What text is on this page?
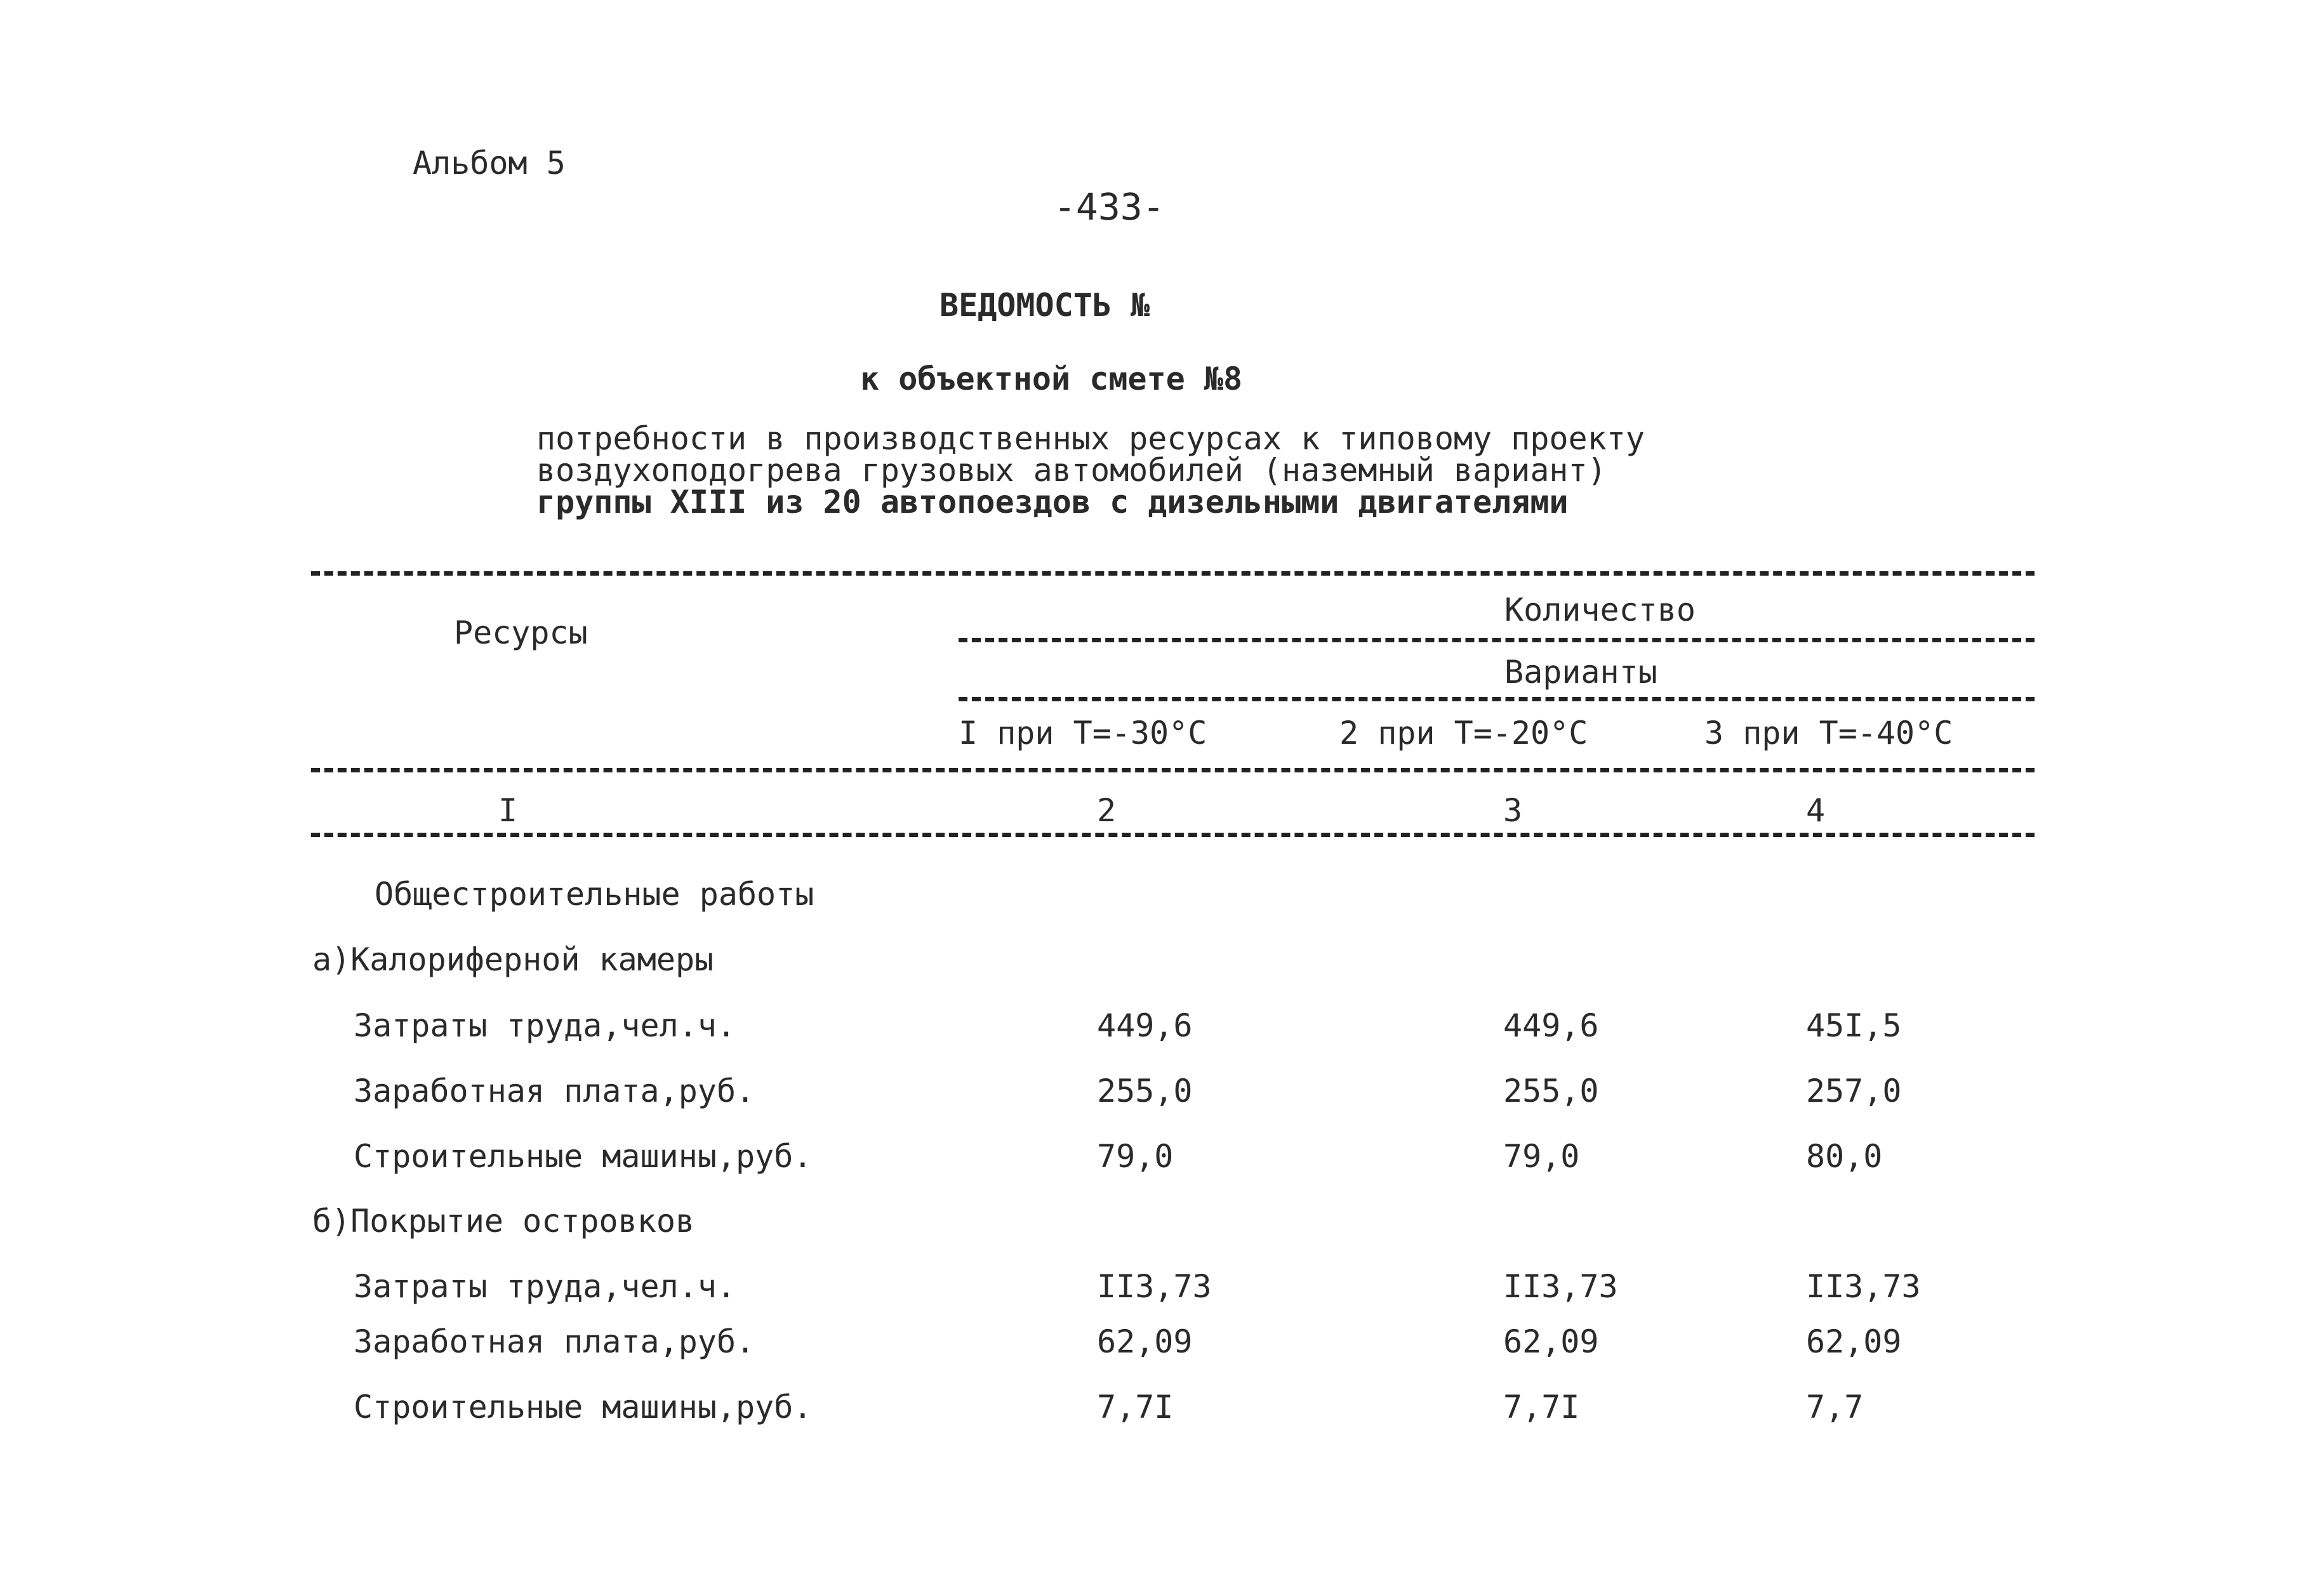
Альбом 5
-433-
ВЕДОМОСТЬ №
к объектной смете №8
потребности в производственных ресурсах к типовому проекту
воздухоподогрева грузовых автомобилей (наземный вариант)
группы XIII из 20 автопоездов с дизельными двигателями
Ресурсы
Количество
Варианты
I при Т=-30°C	2 при Т=-20°C	3 при Т=-40°C
I	2	3	4
Общестроительные работы
а)Калориферной камеры
Затраты труда,чел.ч.	449,6	449,6	45I,5
Заработная плата,руб.	255,0	255,0	257,0
Строительные машины,руб.	79,0	79,0	80,0
б)Покрытие островков
Затраты труда,чел.ч.	II3,73	II3,73	II3,73
Заработная плата,руб.	62,09	62,09	62,09
Строительные машины,руб.	7,7I	7,7I	7,7
